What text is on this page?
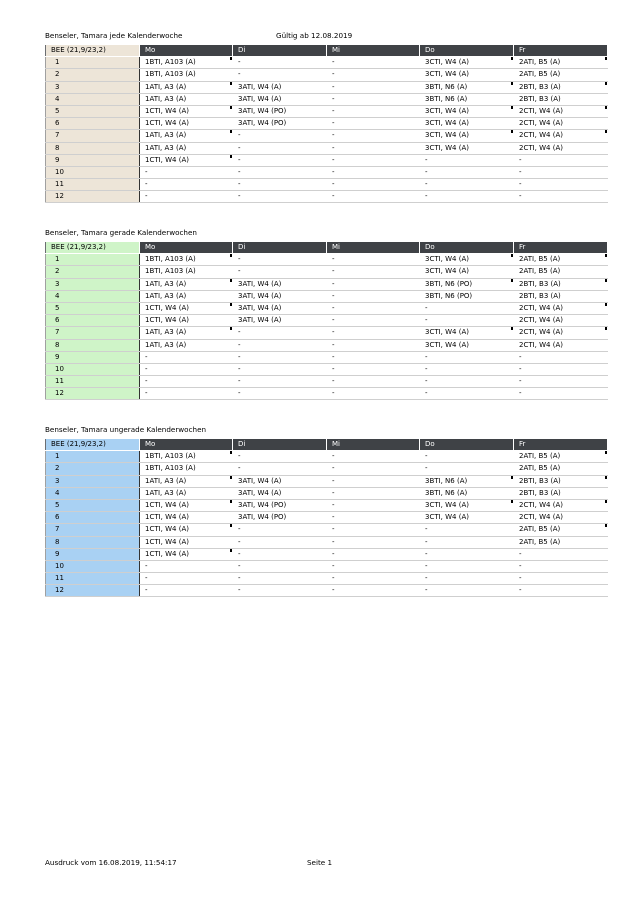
Benseler, Tamara jede Kalenderwoche	Gültig ab 12.08.2019
BEE (21,9/23,2)	Mo	Di	Mi	Do	Fr
1	1BTI, A103 (A)	-	-	3CTI, W4 (A)	2ATI, B5 (A)
2	1BTI, A103 (A)	-	-	3CTI, W4 (A)	2ATI, B5 (A)
3	1ATI, A3 (A)	3ATI, W4 (A)	-	3BTI, N6 (A)	2BTI, B3 (A)
4	1ATI, A3 (A)	3ATI, W4 (A)	-	3BTI, N6 (A)	2BTI, B3 (A)
5	1CTI, W4 (A)	3ATI, W4 (PO)	-	3CTI, W4 (A)	2CTI, W4 (A)
6	1CTI, W4 (A)	3ATI, W4 (PO)	-	3CTI, W4 (A)	2CTI, W4 (A)
7	1ATI, A3 (A)	-	-	3CTI, W4 (A)	2CTI, W4 (A)
8	1ATI, A3 (A)	-	-	3CTI, W4 (A)	2CTI, W4 (A)
9	1CTI, W4 (A)	-	-	-	-
10	-	-	-	-	-
11	-	-	-	-	-
12	-	-	-	-	-
Benseler, Tamara gerade Kalenderwochen
BEE (21,9/23,2)	Mo	Di	Mi	Do	Fr
1	1BTI, A103 (A)	-	-	3CTI, W4 (A)	2ATI, B5 (A)
2	1BTI, A103 (A)	-	-	3CTI, W4 (A)	2ATI, B5 (A)
3	1ATI, A3 (A)	3ATI, W4 (A)	-	3BTI, N6 (PO)	2BTI, B3 (A)
4	1ATI, A3 (A)	3ATI, W4 (A)	-	3BTI, N6 (PO)	2BTI, B3 (A)
5	1CTI, W4 (A)	3ATI, W4 (A)	-	-	2CTI, W4 (A)
6	1CTI, W4 (A)	3ATI, W4 (A)	-	-	2CTI, W4 (A)
7	1ATI, A3 (A)	-	-	3CTI, W4 (A)	2CTI, W4 (A)
8	1ATI, A3 (A)	-	-	3CTI, W4 (A)	2CTI, W4 (A)
9	-	-	-	-	-
10	-	-	-	-	-
11	-	-	-	-	-
12	-	-	-	-	-
Benseler, Tamara ungerade Kalenderwochen
BEE (21,9/23,2)	Mo	Di	Mi	Do	Fr
1	1BTI, A103 (A)	-	-	-	2ATI, B5 (A)
2	1BTI, A103 (A)	-	-	-	2ATI, B5 (A)
3	1ATI, A3 (A)	3ATI, W4 (A)	-	3BTI, N6 (A)	2BTI, B3 (A)
4	1ATI, A3 (A)	3ATI, W4 (A)	-	3BTI, N6 (A)	2BTI, B3 (A)
5	1CTI, W4 (A)	3ATI, W4 (PO)	-	3CTI, W4 (A)	2CTI, W4 (A)
6	1CTI, W4 (A)	3ATI, W4 (PO)	-	3CTI, W4 (A)	2CTI, W4 (A)
7	1CTI, W4 (A)	-	-	-	2ATI, B5 (A)
8	1CTI, W4 (A)	-	-	-	2ATI, B5 (A)
9	1CTI, W4 (A)	-	-	-	-
10	-	-	-	-	-
11	-	-	-	-	-
12	-	-	-	-	-
Ausdruck vom 16.08.2019, 11:54:17	Seite 1
